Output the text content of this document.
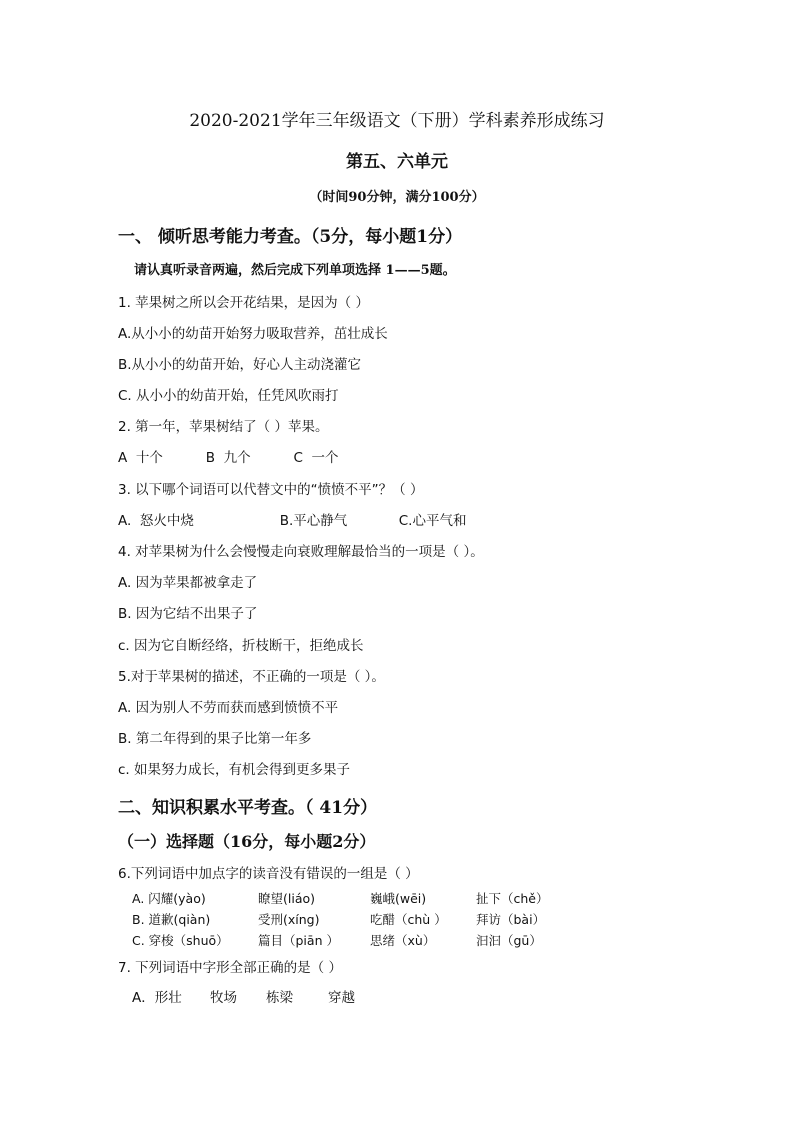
2020-2021学年三年级语文（下册）学科素养形成练习
第五、六单元
（时间90分钟，满分100分）
一、 倾听思考能力考查。（5分，每小题1分）
请认真听录音两遍，然后完成下列单项选择 1——5题。
1. 苹果树之所以会开花结果，是因为（ ）
A.从小小的幼苗开始努力吸取营养，茁壮成长
B.从小小的幼苗开始，好心人主动浇灌它
C. 从小小的幼苗开始，任凭风吹雨打
2. 第一年，苹果树结了（ ）苹果。
A  十个          B  九个          C  一个
3. 以下哪个词语可以代替文中的“愤愤不平”？（ ）
A.  怒火中烧                    B.平心静气            C.心平气和
4. 对苹果树为什么会慢慢走向衰败理解最恰当的一项是（ ）。
A. 因为苹果都被拿走了
B. 因为它结不出果子了
c. 因为它自断经络，折枝断干，拒绝成长
5.对于苹果树的描述，不正确的一项是（ ）。
A. 因为别人不劳而获而感到愤愤不平
B. 第二年得到的果子比第一年多
c. 如果努力成长，有机会得到更多果子
二、知识积累水平考查。（ 41分）
（一）选择题（16分，每小题2分）
6.下列词语中加点字的读音没有错误的一组是（ ）
A. 闪耀(yào)	瞭望(liáo)	巍峨(wēi)	扯下（chě）
B. 道歉(qiàn)	受刑(xíng)	吃醋（chù ） 拜访（bài）
C. 穿梭（shuō） 篇目（piān ） 思绪（xù）	汩汩（gū）
7. 下列词语中字形全部正确的是（ ）
A．形壮 牧场 栋梁	穿越
